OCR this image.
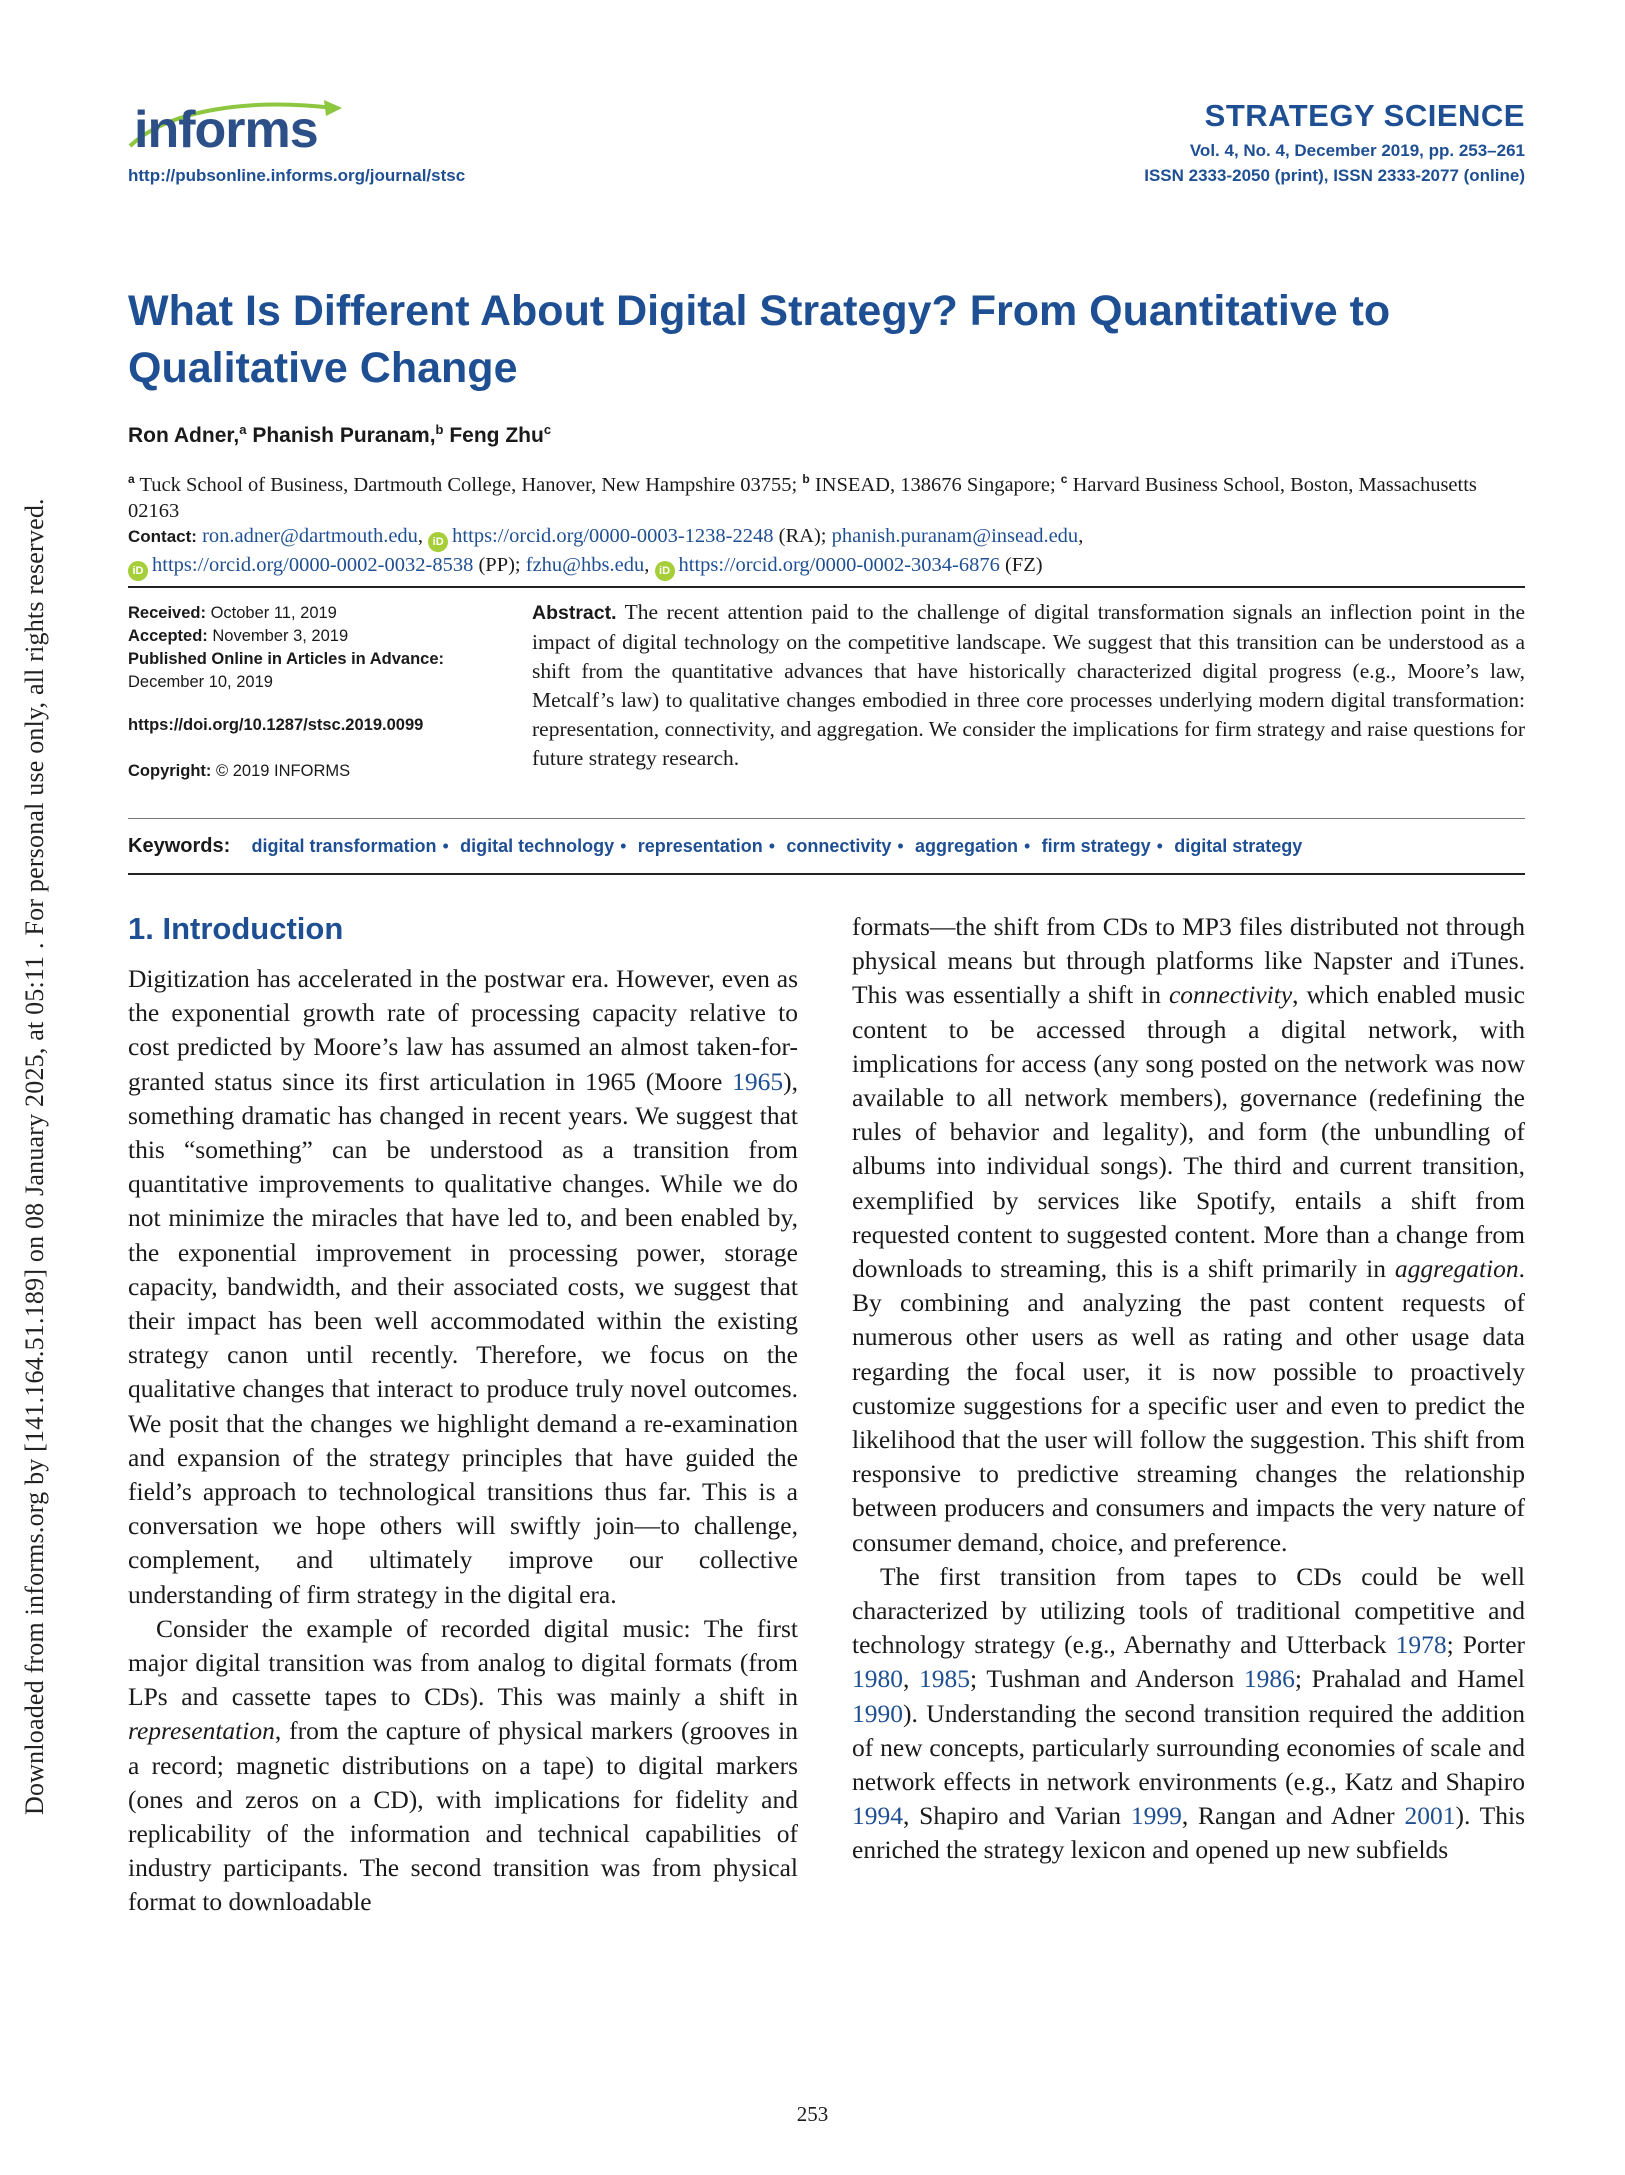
Downloaded from informs.org by [141.164.51.189] on 08 January 2025, at 05:11 . For personal use only, all rights reserved.
informs
http://pubsonline.informs.org/journal/stsc
STRATEGY SCIENCE
Vol. 4, No. 4, December 2019, pp. 253–261
ISSN 2333-2050 (print), ISSN 2333-2077 (online)
What Is Different About Digital Strategy? From Quantitative to Qualitative Change
Ron Adner,$^a$ Phanish Puranam,$^b$ Feng Zhu$^c$
$^a$ Tuck School of Business, Dartmouth College, Hanover, New Hampshire 03755; $^b$ INSEAD, 138676 Singapore; $^c$ Harvard Business School, Boston, Massachusetts 02163
Contact: ron.adner@dartmouth.edu, iD https://orcid.org/0000-0003-1238-2248 (RA); phanish.puranam@insead.edu,
iD https://orcid.org/0000-0002-0032-8538 (PP); fzhu@hbs.edu, iD https://orcid.org/0000-0002-3034-6876 (FZ)
Received: October 11, 2019
Accepted: November 3, 2019
Published Online in Articles in Advance:
December 10, 2019
https://doi.org/10.1287/stsc.2019.0099
Copyright: © 2019 INFORMS
Abstract. The recent attention paid to the challenge of digital transformation signals an inflection point in the impact of digital technology on the competitive landscape. We suggest that this transition can be understood as a shift from the quantitative advances that have historically characterized digital progress (e.g., Moore’s law, Metcalf’s law) to qualitative changes embodied in three core processes underlying modern digital transformation: representation, connectivity, and aggregation. We consider the implications for firm strategy and raise questions for future strategy research.
Keywords: digital transformation • digital technology • representation • connectivity • aggregation • firm strategy • digital strategy
1. Introduction

Digitization has accelerated in the postwar era. However, even as the exponential growth rate of processing capacity relative to cost predicted by Moore’s law has assumed an almost taken-for-granted status since its first articulation in 1965 (Moore 1965), something dramatic has changed in recent years. We suggest that this “something” can be understood as a transition from quantitative improvements to qualitative changes. While we do not minimize the miracles that have led to, and been enabled by, the exponential improvement in processing power, storage capacity, bandwidth, and their associated costs, we suggest that their impact has been well accommodated within the existing strategy canon until recently. Therefore, we focus on the qualitative changes that interact to produce truly novel outcomes. We posit that the changes we highlight demand a re-examination and expansion of the strategy principles that have guided the field’s approach to technological transitions thus far. This is a conversation we hope others will swiftly join—to challenge, complement, and ultimately improve our collective understanding of firm strategy in the digital era.

Consider the example of recorded digital music: The first major digital transition was from analog to digital formats (from LPs and cassette tapes to CDs). This was mainly a shift in representation, from the capture of physical markers (grooves in a record; magnetic distributions on a tape) to digital markers (ones and zeros on a CD), with implications for fidelity and replicability of the information and technical capabilities of industry participants. The second transition was from physical format to downloadable

formats—the shift from CDs to MP3 files distributed not through physical means but through platforms like Napster and iTunes. This was essentially a shift in connectivity, which enabled music content to be accessed through a digital network, with implications for access (any song posted on the network was now available to all network members), governance (redefining the rules of behavior and legality), and form (the unbundling of albums into individual songs). The third and current transition, exemplified by services like Spotify, entails a shift from requested content to suggested content. More than a change from downloads to streaming, this is a shift primarily in aggregation. By combining and analyzing the past content requests of numerous other users as well as rating and other usage data regarding the focal user, it is now possible to proactively customize suggestions for a specific user and even to predict the likelihood that the user will follow the suggestion. This shift from responsive to predictive streaming changes the relationship between producers and consumers and impacts the very nature of consumer demand, choice, and preference.

The first transition from tapes to CDs could be well characterized by utilizing tools of traditional competitive and technology strategy (e.g., Abernathy and Utterback 1978; Porter 1980, 1985; Tushman and Anderson 1986; Prahalad and Hamel 1990). Understanding the second transition required the addition of new concepts, particularly surrounding economies of scale and network effects in network environments (e.g., Katz and Shapiro 1994, Shapiro and Varian 1999, Rangan and Adner 2001). This enriched the strategy lexicon and opened up new subfields

253
